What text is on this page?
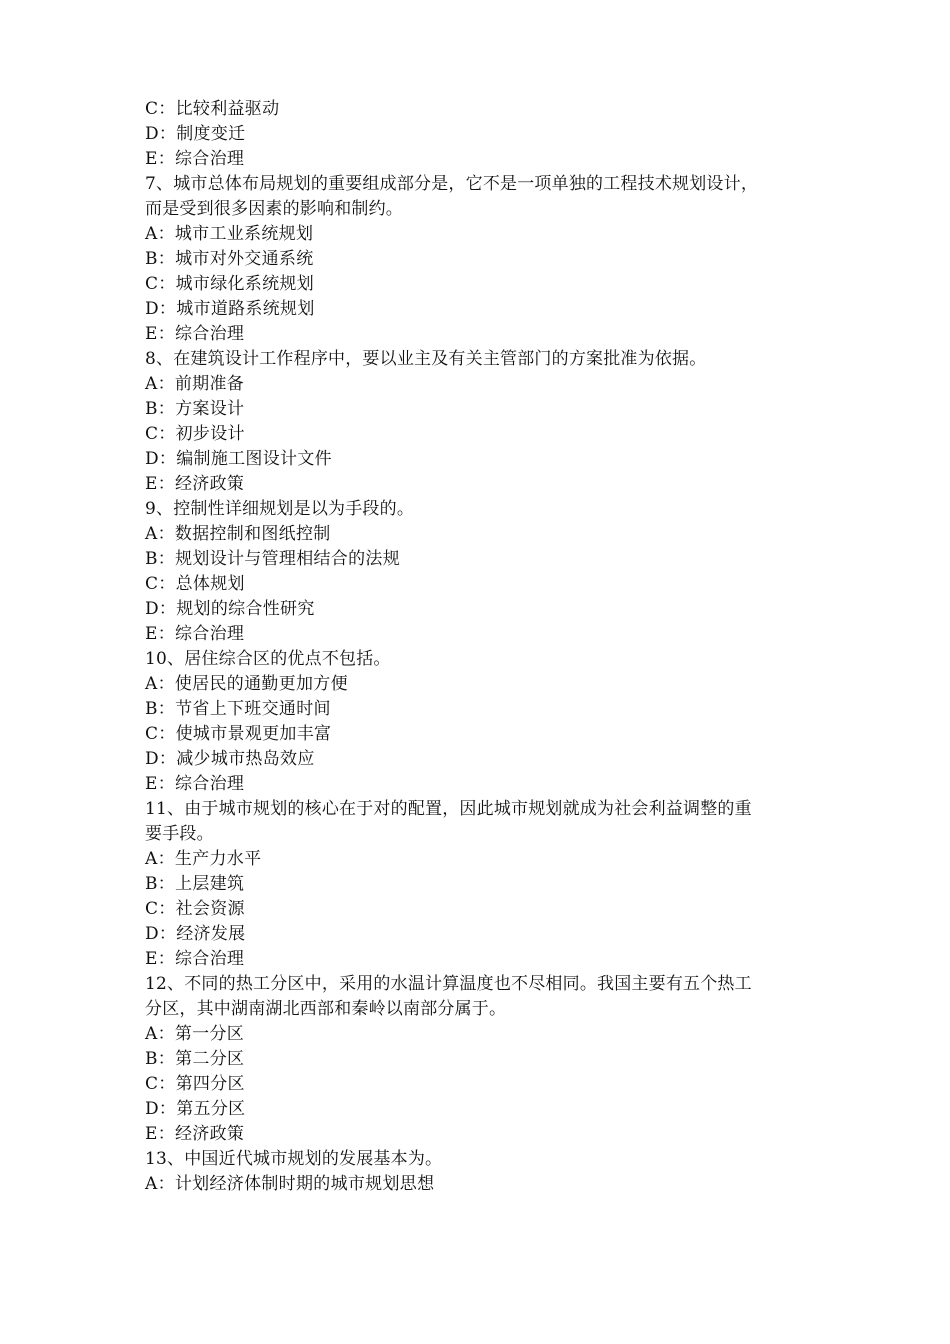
C：比较利益驱动
D：制度变迁
E：综合治理
7、城市总体布局规划的重要组成部分是，它不是一项单独的工程技术规划设计，
而是受到很多因素的影响和制约。
A：城市工业系统规划
B：城市对外交通系统
C：城市绿化系统规划
D：城市道路系统规划
E：综合治理
8、在建筑设计工作程序中，要以业主及有关主管部门的方案批准为依据。
A：前期准备
B：方案设计
C：初步设计
D：编制施工图设计文件
E：经济政策
9、控制性详细规划是以为手段的。
A：数据控制和图纸控制
B：规划设计与管理相结合的法规
C：总体规划
D：规划的综合性研究
E：综合治理
10、居住综合区的优点不包括。
A：使居民的通勤更加方便
B：节省上下班交通时间
C：使城市景观更加丰富
D：减少城市热岛效应
E：综合治理
11、由于城市规划的核心在于对的配置，因此城市规划就成为社会利益调整的重
要手段。
A：生产力水平
B：上层建筑
C：社会资源
D：经济发展
E：综合治理
12、不同的热工分区中，采用的水温计算温度也不尽相同。我国主要有五个热工
分区，其中湖南湖北西部和秦岭以南部分属于。
A：第一分区
B：第二分区
C：第四分区
D：第五分区
E：经济政策
13、中国近代城市规划的发展基本为。
A：计划经济体制时期的城市规划思想
